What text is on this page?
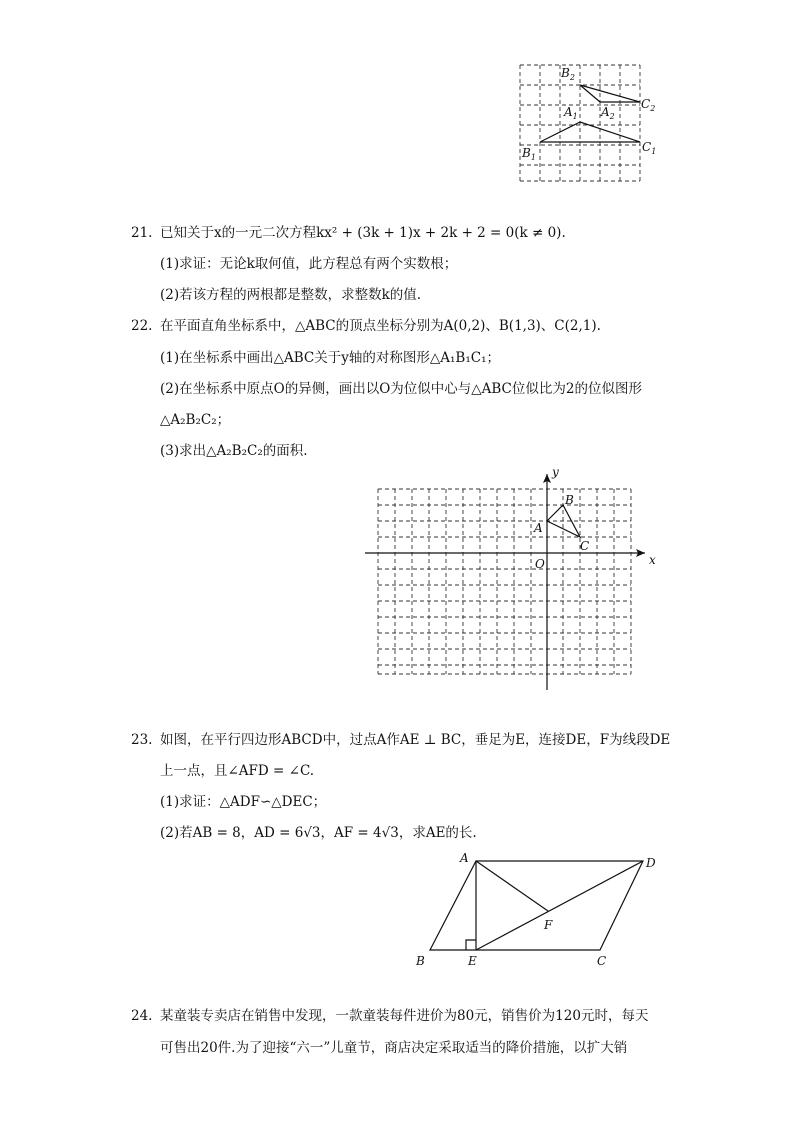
$B_2$
$A_2$
$C_2$
$A_1$
$B_1$
$C_1$
21. 已知关于x的一元二次方程kx² + (3k + 1)x + 2k + 2 = 0(k ≠ 0).
(1)求证：无论k取何值，此方程总有两个实数根；
(2)若该方程的两根都是整数，求整数k的值.
22. 在平面直角坐标系中，△ABC的顶点坐标分别为A(0,2)、B(1,3)、C(2,1).
(1)在坐标系中画出△ABC关于y轴的对称图形△A₁B₁C₁；
(2)在坐标系中原点O的异侧，画出以O为位似中心与△ABC位似比为2的位似图形
△A₂B₂C₂；
(3)求出△A₂B₂C₂的面积.
y
x
O
A
B
C
23. 如图，在平行四边形ABCD中，过点A作AE ⊥ BC，垂足为E，连接DE，F为线段DE
上一点，且∠AFD = ∠C.
(1)求证：△ADF∽△DEC；
(2)若AB = 8，AD = 6√3，AF = 4√3，求AE的长.
A	D
F
B	E	C
24. 某童装专卖店在销售中发现，一款童装每件进价为80元，销售价为120元时，每天
可售出20件.为了迎接“六一”儿童节，商店决定采取适当的降价措施，以扩大销
